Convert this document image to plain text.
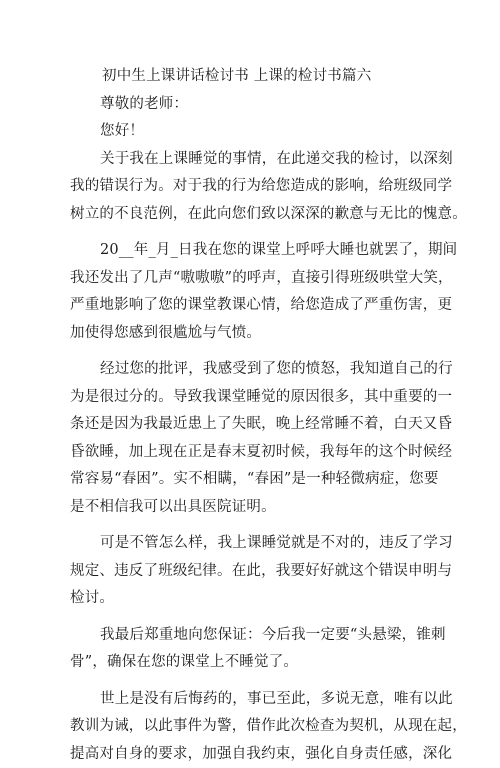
初中生上课讲话检讨书 上课的检讨书篇六
尊敬的老师：
您好！
关于我在上课睡觉的事情，在此递交我的检讨，以深刻
我的错误行为。对于我的行为给您造成的影响，给班级同学
树立的不良范例，在此向您们致以深深的歉意与无比的愧意。
20__年_月_日我在您的课堂上呼呼大睡也就罢了，期间
我还发出了几声“嗷嗷嗷”的呼声，直接引得班级哄堂大笑，
严重地影响了您的课堂教课心情，给您造成了严重伤害，更
加使得您感到很尴尬与气愤。
经过您的批评，我感受到了您的愤怒，我知道自己的行
为是很过分的。导致我课堂睡觉的原因很多，其中重要的一
条还是因为我最近患上了失眠，晚上经常睡不着，白天又昏
昏欲睡，加上现在正是春末夏初时候，我每年的这个时候经
常容易“春困”。实不相瞒，“春困”是一种轻微病症，您要
是不相信我可以出具医院证明。
可是不管怎么样，我上课睡觉就是不对的，违反了学习
规定、违反了班级纪律。在此，我要好好就这个错误申明与
检讨。
我最后郑重地向您保证：今后我一定要“头悬梁，锥刺
骨”，确保在您的课堂上不睡觉了。
世上是没有后悔药的，事已至此，多说无意，唯有以此
教训为诫，以此事件为警，借作此次检查为契机，从现在起，
提高对自身的要求，加强自我约束，强化自身责任感，深化
